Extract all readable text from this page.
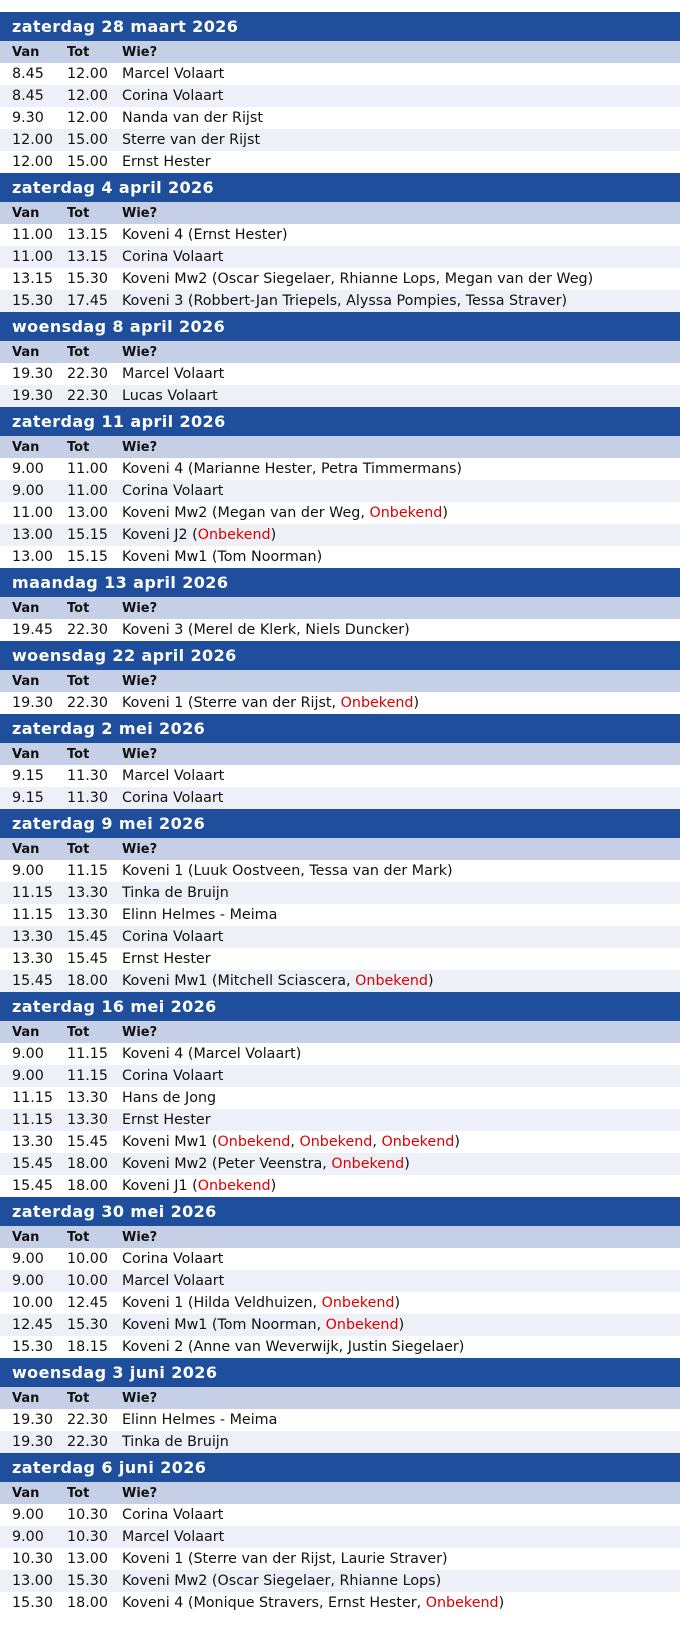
zaterdag 28 maart 2026
Van	Tot	Wie?
8.45	12.00 Marcel Volaart
8.45	12.00 Corina Volaart
9.30	12.00 Nanda van der Rijst
12.00 15.00 Sterre van der Rijst
12.00 15.00 Ernst Hester
zaterdag 4 april 2026
Van	Tot	Wie?
11.00 13.15 Koveni 4 (Ernst Hester)
11.00 13.15 Corina Volaart
13.15 15.30 Koveni Mw2 (Oscar Siegelaer, Rhianne Lops, Megan van der Weg)
15.30 17.45 Koveni 3 (Robbert-Jan Triepels, Alyssa Pompies, Tessa Straver)
woensdag 8 april 2026
Van	Tot	Wie?
19.30 22.30 Marcel Volaart
19.30 22.30 Lucas Volaart
zaterdag 11 april 2026
Van	Tot	Wie?
9.00	11.00 Koveni 4 (Marianne Hester, Petra Timmermans)
9.00	11.00 Corina Volaart
11.00 13.00 Koveni Mw2 (Megan van der Weg, Onbekend)
13.00 15.15 Koveni J2 (Onbekend)
13.00 15.15 Koveni Mw1 (Tom Noorman)
maandag 13 april 2026
Van	Tot	Wie?
19.45 22.30 Koveni 3 (Merel de Klerk, Niels Duncker)
woensdag 22 april 2026
Van	Tot	Wie?
19.30 22.30 Koveni 1 (Sterre van der Rijst, Onbekend)
zaterdag 2 mei 2026
Van	Tot	Wie?
9.15	11.30 Marcel Volaart
9.15	11.30 Corina Volaart
zaterdag 9 mei 2026
Van	Tot	Wie?
9.00	11.15 Koveni 1 (Luuk Oostveen, Tessa van der Mark)
11.15 13.30 Tinka de Bruijn
11.15 13.30 Elinn Helmes - Meima
13.30 15.45 Corina Volaart
13.30 15.45 Ernst Hester
15.45 18.00 Koveni Mw1 (Mitchell Sciascera, Onbekend)
zaterdag 16 mei 2026
Van	Tot	Wie?
9.00	11.15 Koveni 4 (Marcel Volaart)
9.00	11.15 Corina Volaart
11.15 13.30 Hans de Jong
11.15 13.30 Ernst Hester
13.30 15.45 Koveni Mw1 (Onbekend, Onbekend, Onbekend)
15.45 18.00 Koveni Mw2 (Peter Veenstra, Onbekend)
15.45 18.00 Koveni J1 (Onbekend)
zaterdag 30 mei 2026
Van	Tot	Wie?
9.00	10.00 Corina Volaart
9.00	10.00 Marcel Volaart
10.00 12.45 Koveni 1 (Hilda Veldhuizen, Onbekend)
12.45 15.30 Koveni Mw1 (Tom Noorman, Onbekend)
15.30 18.15 Koveni 2 (Anne van Weverwijk, Justin Siegelaer)
woensdag 3 juni 2026
Van	Tot	Wie?
19.30 22.30 Elinn Helmes - Meima
19.30 22.30 Tinka de Bruijn
zaterdag 6 juni 2026
Van	Tot	Wie?
9.00	10.30 Corina Volaart
9.00	10.30 Marcel Volaart
10.30 13.00 Koveni 1 (Sterre van der Rijst, Laurie Straver)
13.00 15.30 Koveni Mw2 (Oscar Siegelaer, Rhianne Lops)
15.30 18.00 Koveni 4 (Monique Stravers, Ernst Hester, Onbekend)
